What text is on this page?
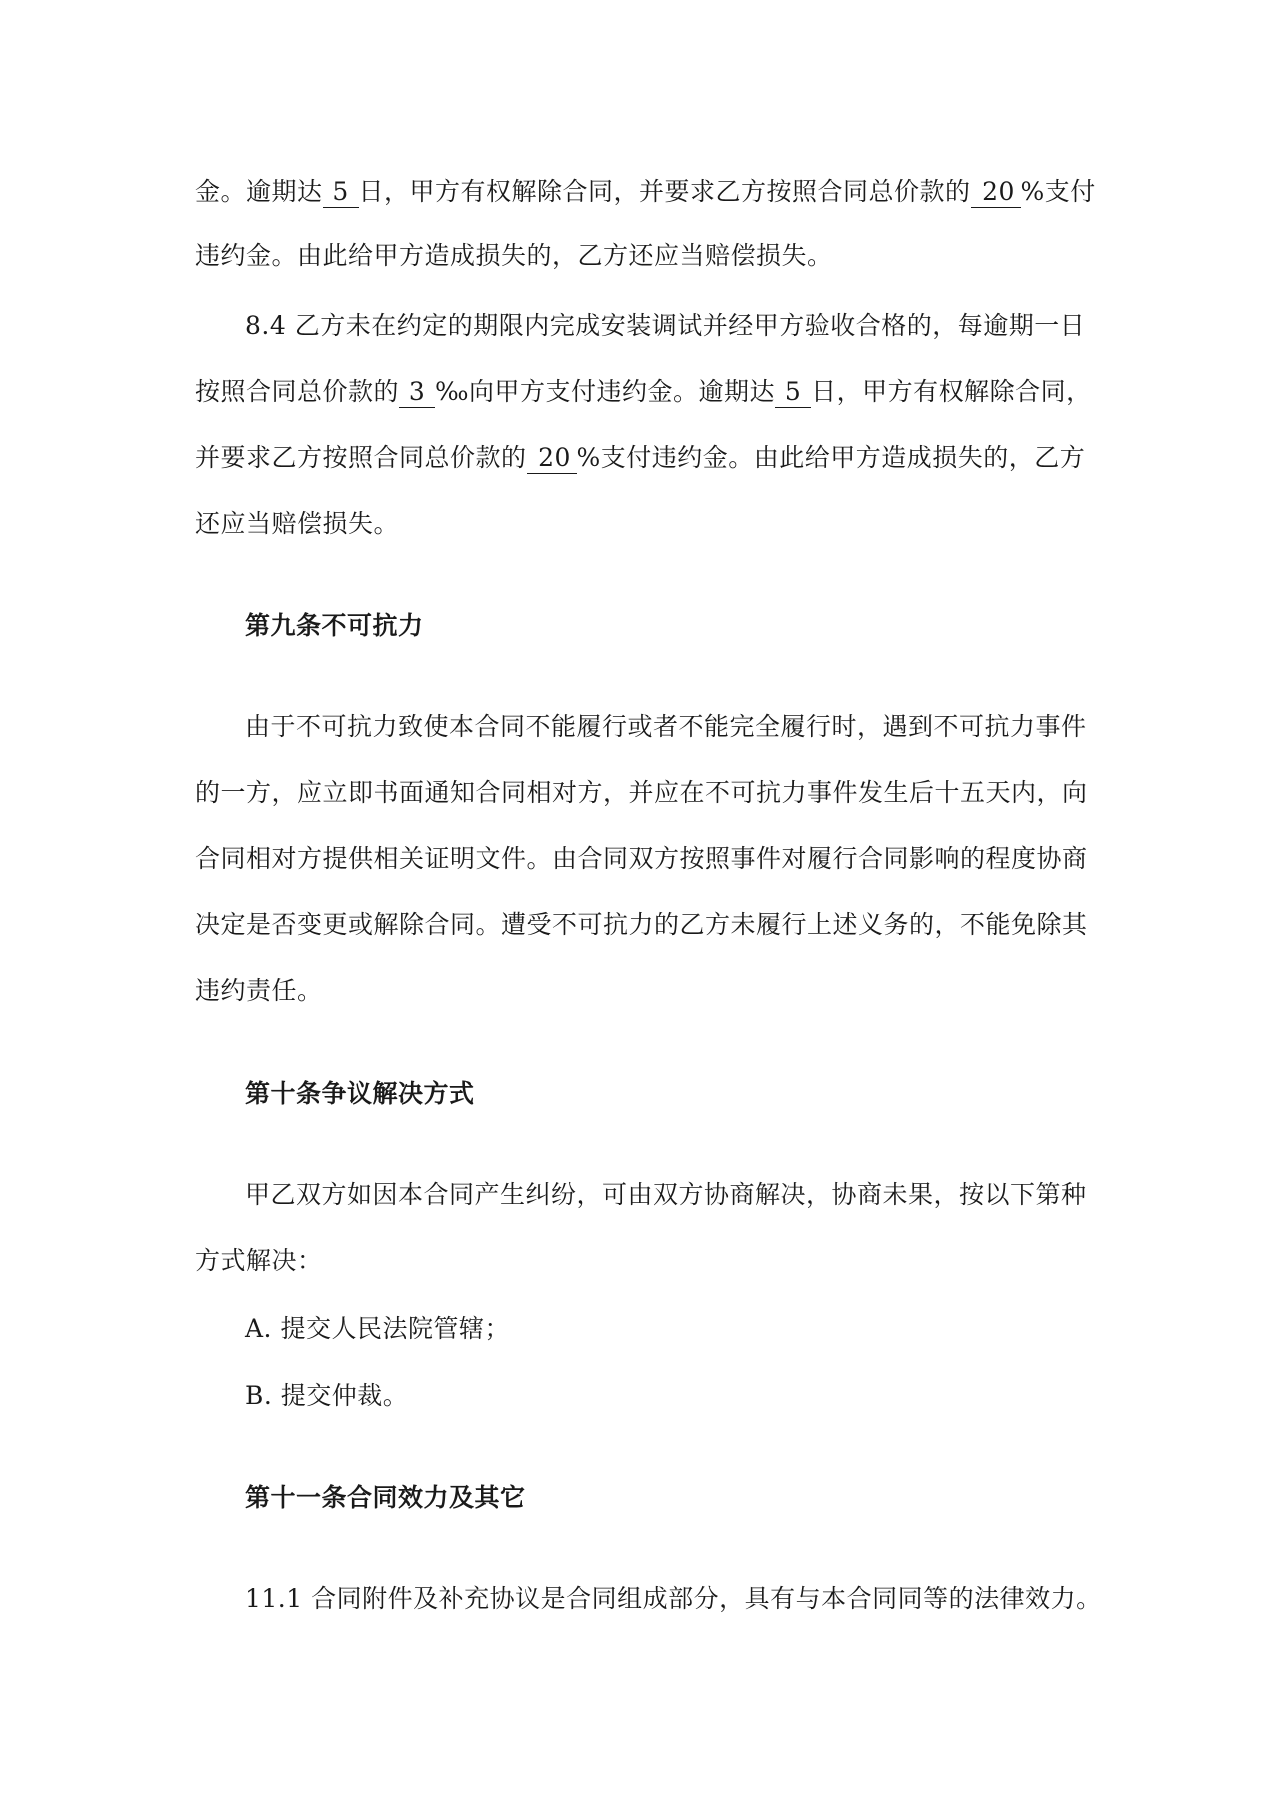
金。逾期达 5 日，甲方有权解除合同，并要求乙方按照合同总价款的 20 %支付
违约金。由此给甲方造成损失的，乙方还应当赔偿损失。
8.4 乙方未在约定的期限内完成安装调试并经甲方验收合格的，每逾期一日
按照合同总价款的 3 ‰向甲方支付违约金。逾期达 5 日，甲方有权解除合同，
并要求乙方按照合同总价款的 20 %支付违约金。由此给甲方造成损失的，乙方
还应当赔偿损失。
第九条不可抗力
由于不可抗力致使本合同不能履行或者不能完全履行时，遇到不可抗力事件
的一方，应立即书面通知合同相对方，并应在不可抗力事件发生后十五天内，向
合同相对方提供相关证明文件。由合同双方按照事件对履行合同影响的程度协商
决定是否变更或解除合同。遭受不可抗力的乙方未履行上述义务的，不能免除其
违约责任。
第十条争议解决方式
甲乙双方如因本合同产生纠纷，可由双方协商解决，协商未果，按以下第种
方式解决：
A. 提交人民法院管辖；
B. 提交仲裁。
第十一条合同效力及其它
11.1 合同附件及补充协议是合同组成部分，具有与本合同同等的法律效力。
